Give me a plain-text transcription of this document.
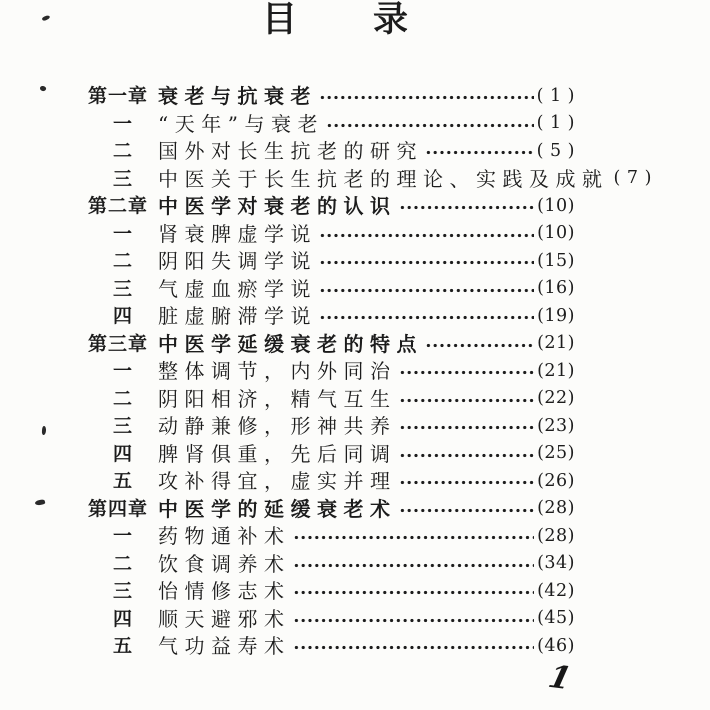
目　　录
第一章 衰老与抗衰老	( 1 )
一	“天年”与衰老	( 1 )
二	国外对长生抗老的研究	( 5 )
三	中医关于长生抗老的理论、实践及成就 ( 7 )
第二章 中医学对衰老的认识	(10)
一	肾衰脾虚学说	(10)
二	阴阳失调学说	(15)
三	气虚血瘀学说	(16)
四	脏虚腑滞学说	(19)
第三章 中医学延缓衰老的特点	(21)
一	整体调节，内外同治	(21)
二	阴阳相济，精气互生	(22)
三	动静兼修，形神共养	(23)
四	脾肾俱重，先后同调	(25)
五	攻补得宜，虚实并理	(26)
第四章 中医学的延缓衰老术	(28)
一	药物通补术	(28)
二	饮食调养术	(34)
三	怡情修志术	(42)
四	顺天避邪术	(45)
五	气功益寿术	(46)
1
